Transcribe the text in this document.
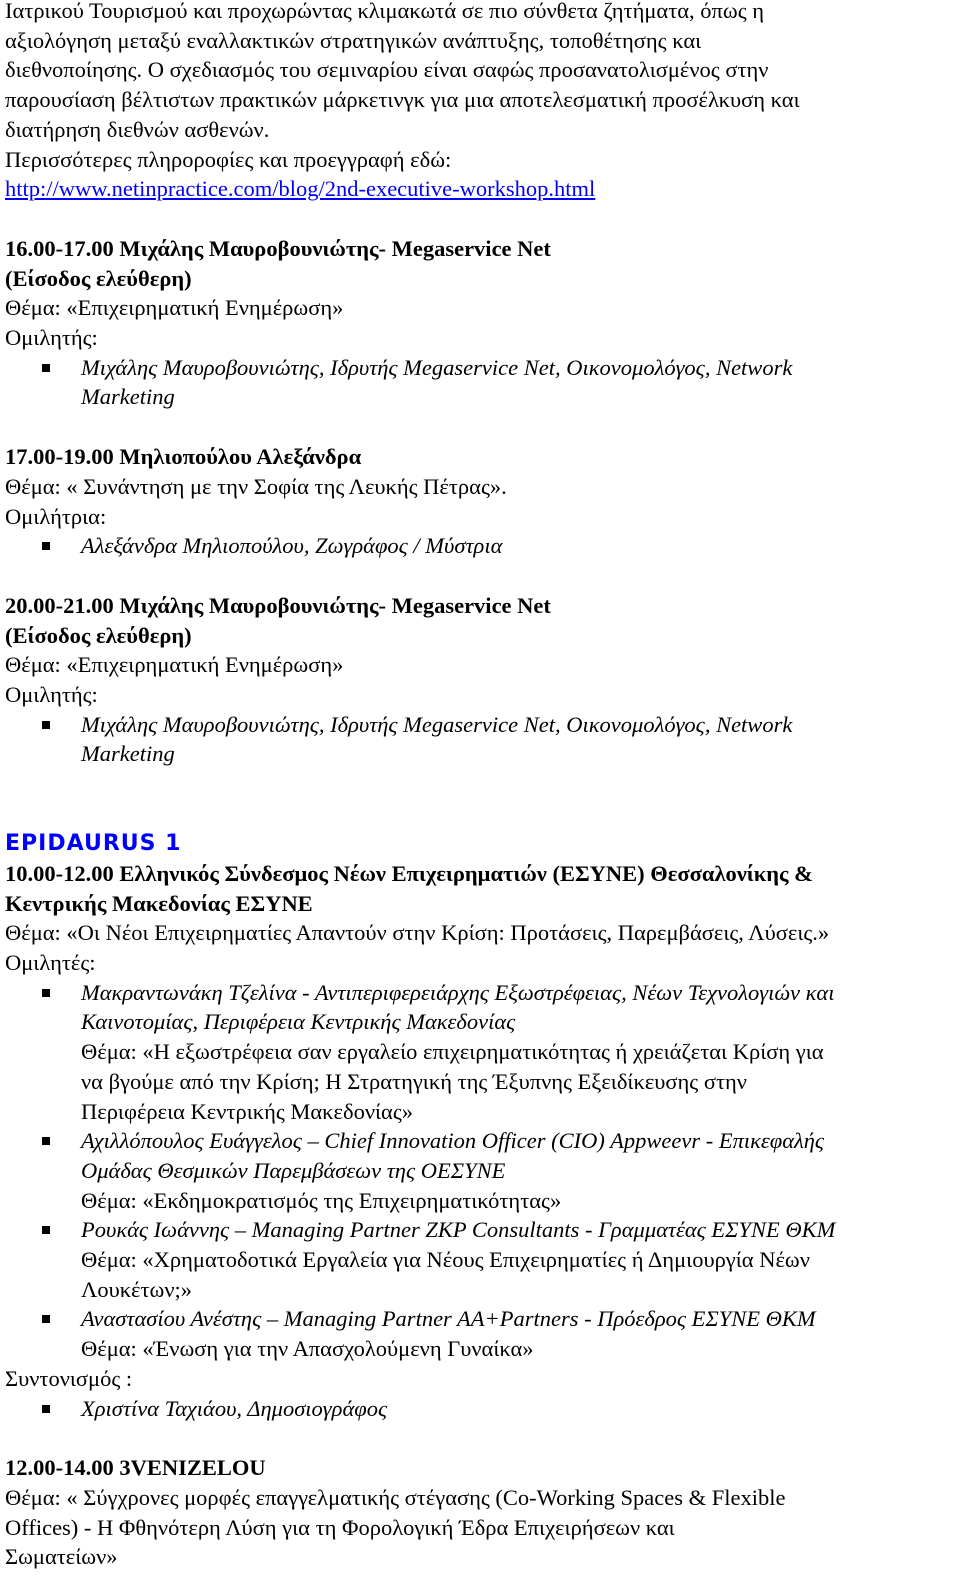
Ιατρικού Τουρισμού και προχωρώντας κλιμακωτά σε πιο σύνθετα ζητήματα, όπως η
αξιολόγηση μεταξύ εναλλακτικών στρατηγικών ανάπτυξης, τοποθέτησης και
διεθνοποίησης. Ο σχεδιασμός του σεμιναρίου είναι σαφώς προσανατολισμένος στην
παρουσίαση βέλτιστων πρακτικών μάρκετινγκ για μια αποτελεσματική προσέλκυση και
διατήρηση διεθνών ασθενών.
Περισσότερες πληροροφίες και προεγγραφή εδώ:
http://www.netinpractice.com/blog/2nd-executive-workshop.html
16.00-17.00 Μιχάλης Μαυροβουνιώτης- Megaservice Net
(Είσοδος ελεύθερη)
Θέμα: «Επιχειρηματική Ενημέρωση»
Ομιλητής:
Μιχάλης Μαυροβουνιώτης, Ιδρυτής Megaservice Net, Οικονομολόγος, Network
Marketing
17.00-19.00 Μηλιοπούλου Αλεξάνδρα
Θέμα: « Συνάντηση με την Σοφία της Λευκής Πέτρας».
Ομιλήτρια:
Αλεξάνδρα Μηλιοπούλου, Ζωγράφος / Μύστρια
20.00-21.00 Μιχάλης Μαυροβουνιώτης- Megaservice Net
(Είσοδος ελεύθερη)
Θέμα: «Επιχειρηματική Ενημέρωση»
Ομιλητής:
Μιχάλης Μαυροβουνιώτης, Ιδρυτής Megaservice Net, Οικονομολόγος, Network
Marketing
EPIDAURUS 1
10.00-12.00 Ελληνικός Σύνδεσμος Νέων Επιχειρηματιών (ΕΣΥΝΕ) Θεσσαλονίκης &
Κεντρικής Μακεδονίας ΕΣΥΝΕ
Θέμα: «Οι Νέοι Επιχειρηματίες Απαντούν στην Κρίση: Προτάσεις, Παρεμβάσεις, Λύσεις.»
Ομιλητές:
Μακραντωνάκη Τζελίνα - Αντιπεριφερειάρχης Εξωστρέφειας, Νέων Τεχνολογιών και
Καινοτομίας, Περιφέρεια Κεντρικής Μακεδονίας
Θέμα: «Η εξωστρέφεια σαν εργαλείο επιχειρηματικότητας ή χρειάζεται Κρίση για
να βγούμε από την Κρίση; Η Στρατηγική της Έξυπνης Εξειδίκευσης στην
Περιφέρεια Κεντρικής Μακεδονίας»
Αχιλλόπουλος Ευάγγελος – Chief Innovation Officer (CIO) Appweevr - Επικεφαλής
Ομάδας Θεσμικών Παρεμβάσεων της ΟΕΣΥΝΕ
Θέμα: «Εκδημοκρατισμός της Επιχειρηματικότητας»
Ρουκάς Ιωάννης – Managing Partner ZKP Consultants - Γραμματέας ΕΣΥΝΕ ΘΚΜ
Θέμα: «Χρηματοδοτικά Εργαλεία για Νέους Επιχειρηματίες ή Δημιουργία Νέων
Λουκέτων;»
Αναστασίου Ανέστης – Managing Partner AA+Partners - Πρόεδρος ΕΣΥΝΕ ΘΚΜ
Θέμα: «Ένωση για την Απασχολούμενη Γυναίκα»
Συντονισμός :
Χριστίνα Ταχιάου, Δημοσιογράφος
12.00-14.00 3VENIZELOU
Θέμα: « Σύγχρονες μορφές επαγγελματικής στέγασης (Co-Working Spaces & Flexible
Offices) - Η Φθηνότερη Λύση για τη Φορολογική Έδρα Επιχειρήσεων και
Σωματείων»
